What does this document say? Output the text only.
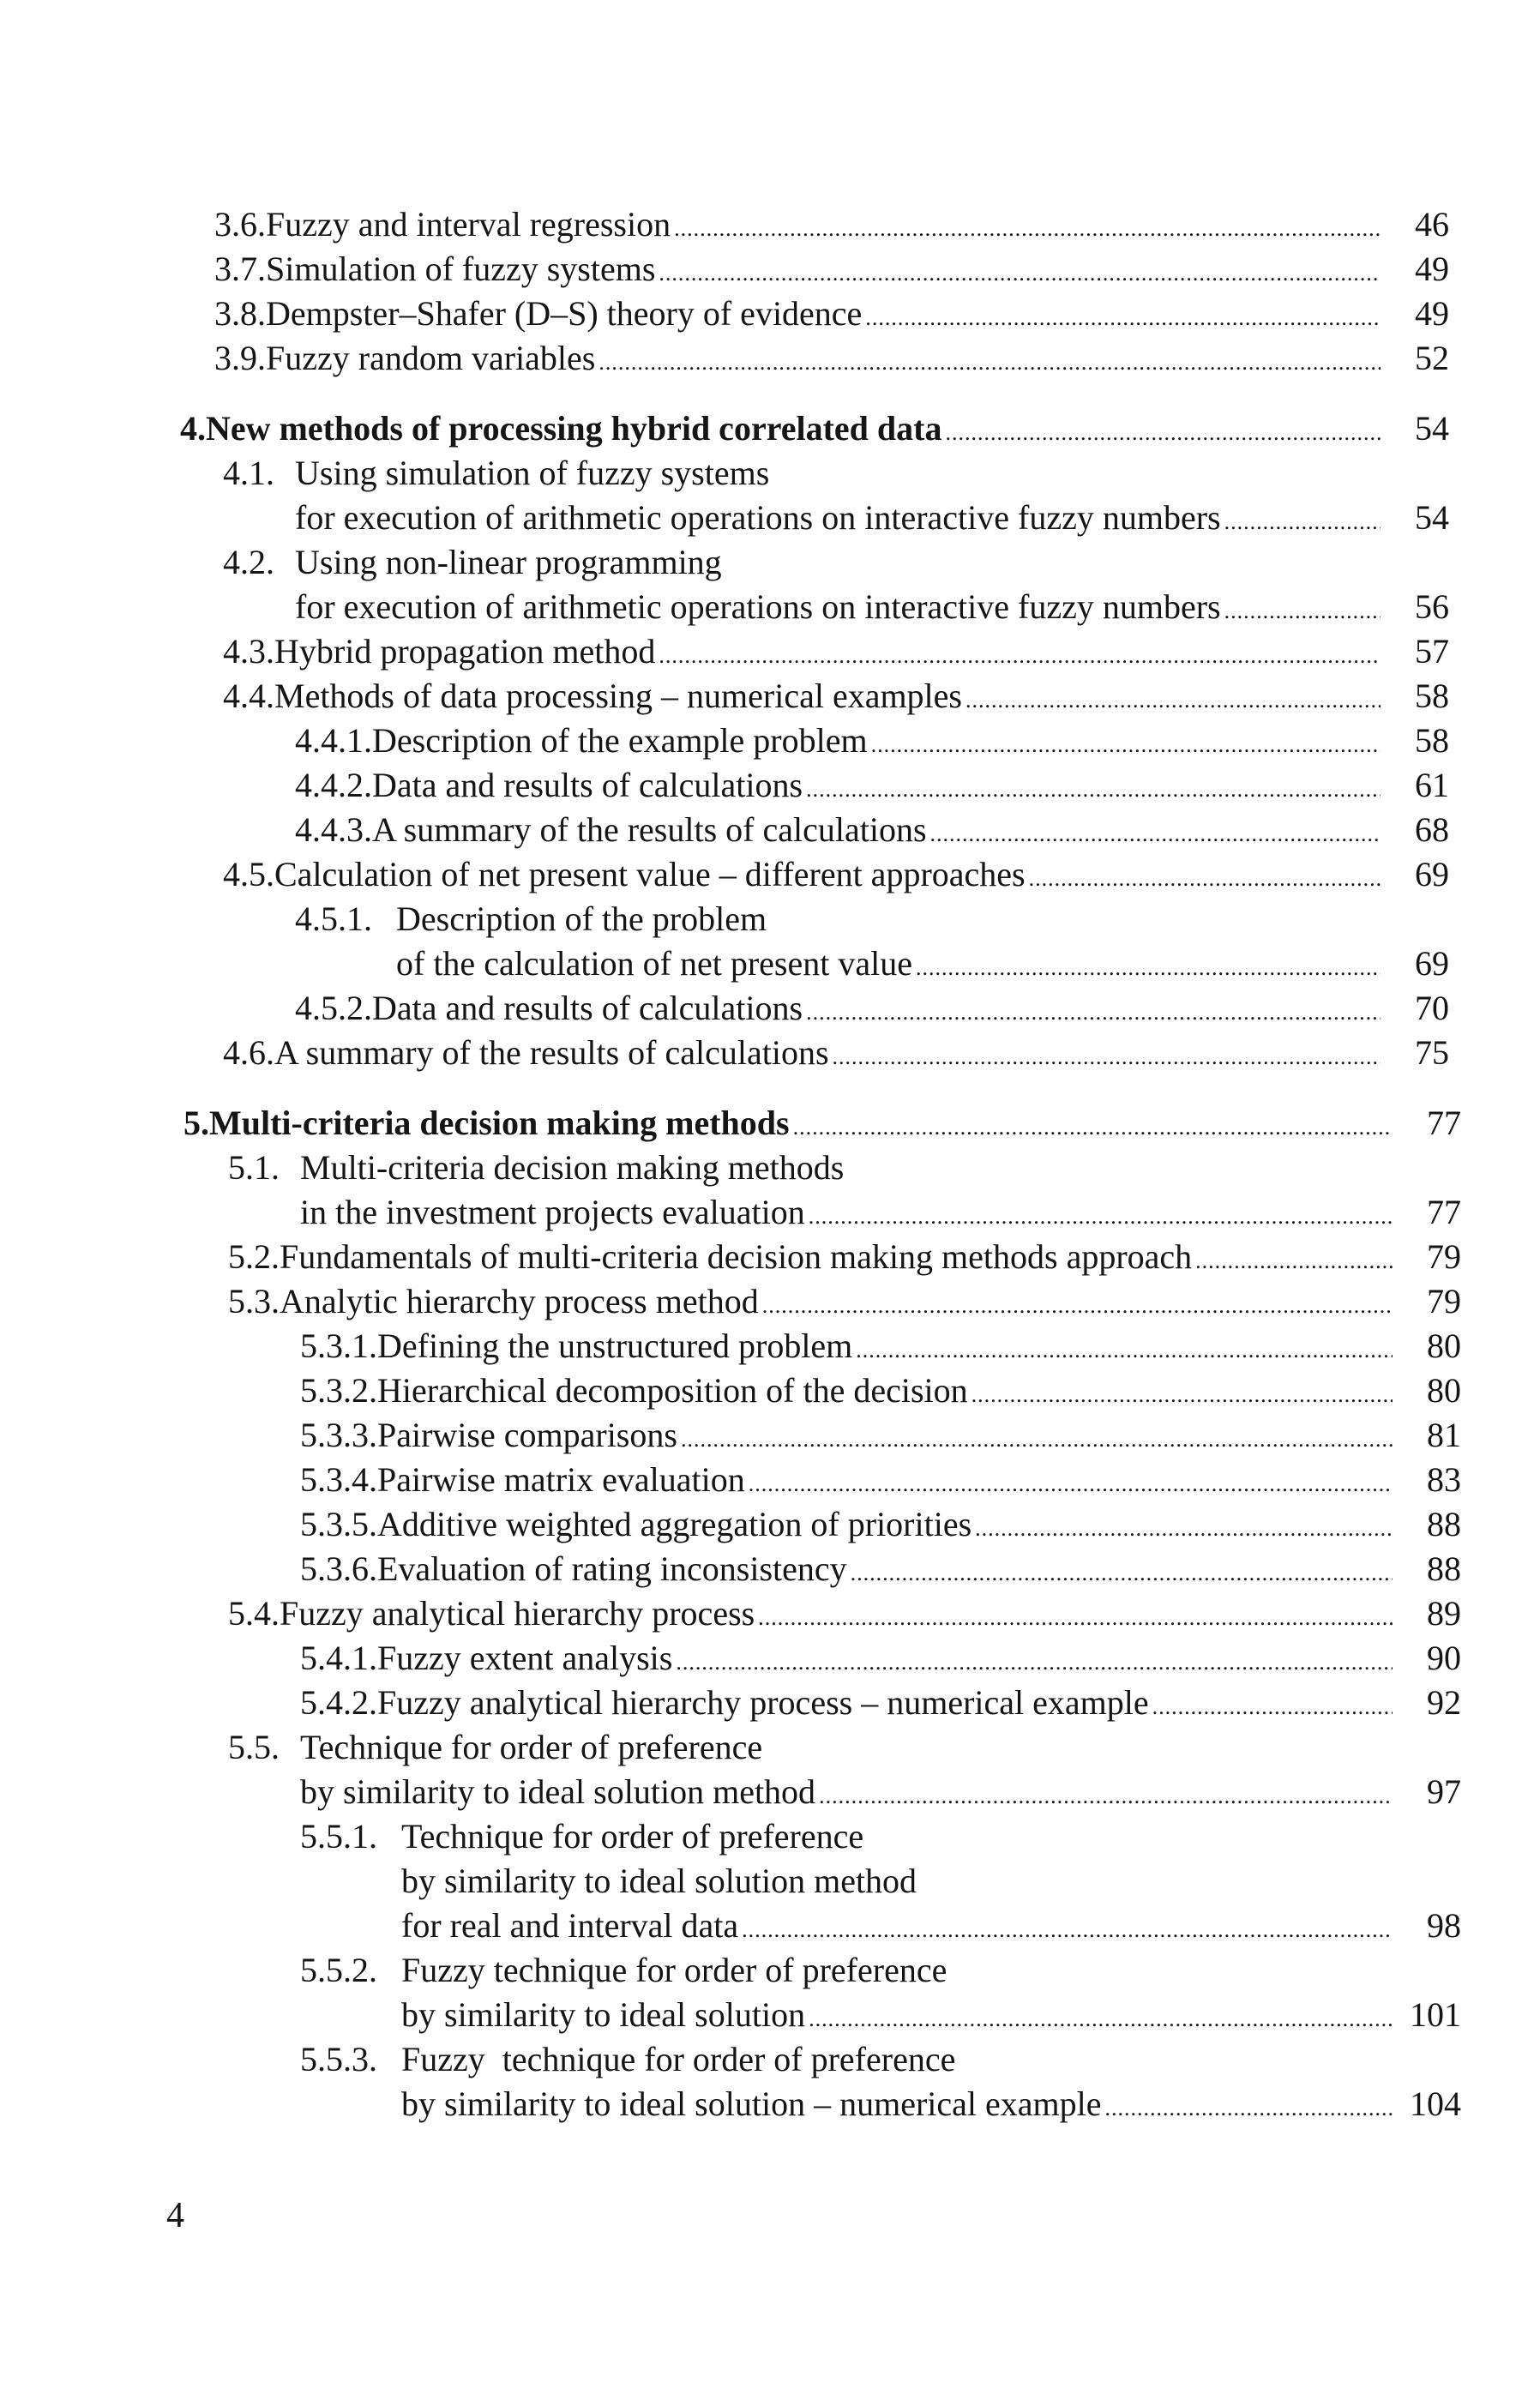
3.6. Fuzzy and interval regression .....	46
3.7. Simulation of fuzzy systems .....	49
3.8. Dempster–Shafer (D–S) theory of evidence .....	49
3.9. Fuzzy random variables .....	52
4. New methods of processing hybrid correlated data .....	54
4.1. Using simulation of fuzzy systems
for execution of arithmetic operations on interactive fuzzy numbers .....	54
4.2. Using non-linear programming
for execution of arithmetic operations on interactive fuzzy numbers .....	56
4.3. Hybrid propagation method .....	57
4.4. Methods of data processing – numerical examples .....	58
4.4.1. Description of the example problem .....	58
4.4.2. Data and results of calculations .....	61
4.4.3. A summary of the results of calculations .....	68
4.5. Calculation of net present value – different approaches .....	69
4.5.1. Description of the problem
of the calculation of net present value .....	69
4.5.2. Data and results of calculations .....	70
4.6. A summary of the results of calculations .....	75
5. Multi-criteria decision making methods .....	77
5.1. Multi-criteria decision making methods
in the investment projects evaluation .....	77
5.2. Fundamentals of multi-criteria decision making methods approach .....	79
5.3. Analytic hierarchy process method .....	79
5.3.1. Defining the unstructured problem .....	80
5.3.2. Hierarchical decomposition of the decision .....	80
5.3.3. Pairwise comparisons .....	81
5.3.4. Pairwise matrix evaluation .....	83
5.3.5. Additive weighted aggregation of priorities .....	88
5.3.6. Evaluation of rating inconsistency .....	88
5.4. Fuzzy analytical hierarchy process .....	89
5.4.1. Fuzzy extent analysis .....	90
5.4.2. Fuzzy analytical hierarchy process – numerical example .....	92
5.5. Technique for order of preference
by similarity to ideal solution method .....	97
5.5.1. Technique for order of preference
by similarity to ideal solution method
for real and interval data .....	98
5.5.2. Fuzzy technique for order of preference
by similarity to ideal solution .....	101
5.5.3. Fuzzy  technique for order of preference
by similarity to ideal solution – numerical example .....	104
4
